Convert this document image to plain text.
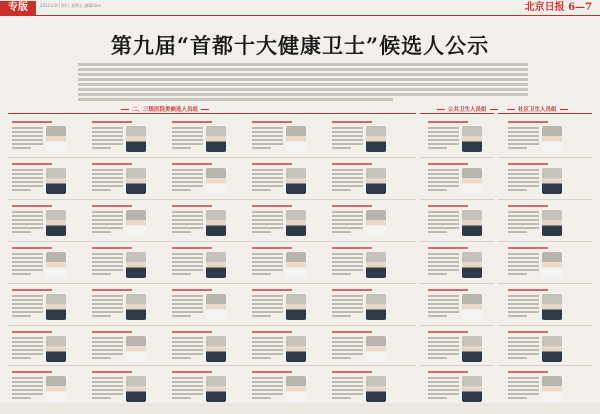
专版	2021年9月10日 星期五 编辑/xxx	北京日报 6—7
第九届“首都十大健康卫士”候选人公示
二、三级医院类候选人员组	公共卫生人员组	社区卫生人员组
